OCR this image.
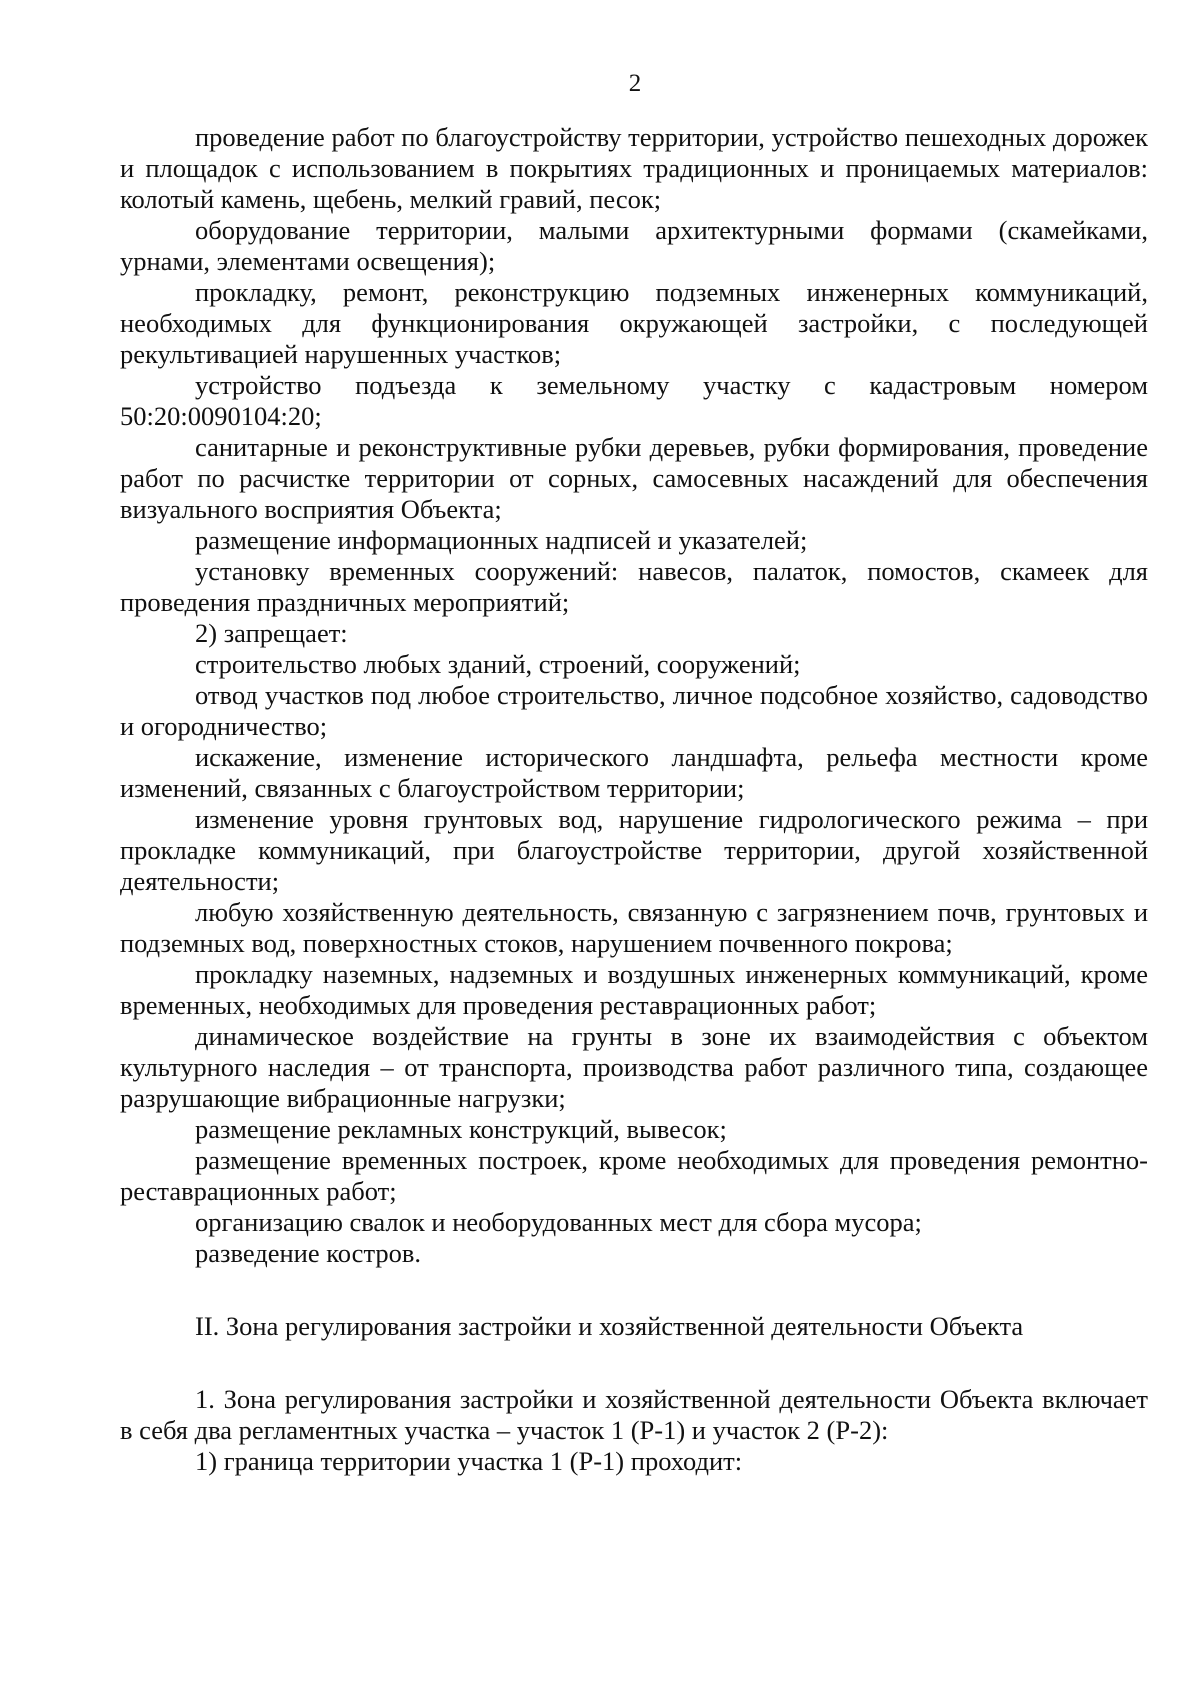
2

проведение работ по благоустройству территории, устройство пешеходных дорожек и площадок с использованием в покрытиях традиционных и проницаемых материалов: колотый камень, щебень, мелкий гравий, песок;

оборудование территории, малыми архитектурными формами (скамейками, урнами, элементами освещения);

прокладку, ремонт, реконструкцию подземных инженерных коммуникаций, необходимых для функционирования окружающей застройки, с последующей рекультивацией нарушенных участков;

устройство подъезда к земельному участку с кадастровым номером 50:20:0090104:20;

санитарные и реконструктивные рубки деревьев, рубки формирования, проведение работ по расчистке территории от сорных, самосевных насаждений для обеспечения визуального восприятия Объекта;

размещение информационных надписей и указателей;

установку временных сооружений: навесов, палаток, помостов, скамеек для проведения праздничных мероприятий;

2) запрещает:

строительство любых зданий, строений, сооружений;

отвод участков под любое строительство, личное подсобное хозяйство, садоводство и огородничество;

искажение, изменение исторического ландшафта, рельефа местности кроме изменений, связанных с благоустройством территории;

изменение уровня грунтовых вод, нарушение гидрологического режима – при прокладке коммуникаций, при благоустройстве территории, другой хозяйственной деятельности;

любую хозяйственную деятельность, связанную с загрязнением почв, грунтовых и подземных вод, поверхностных стоков, нарушением почвенного покрова;

прокладку наземных, надземных и воздушных инженерных коммуникаций, кроме временных, необходимых для проведения реставрационных работ;

динамическое воздействие на грунты в зоне их взаимодействия с объектом культурного наследия – от транспорта, производства работ различного типа, создающее разрушающие вибрационные нагрузки;

размещение рекламных конструкций, вывесок;

размещение временных построек, кроме необходимых для проведения ремонтно-реставрационных работ;

организацию свалок и необорудованных мест для сбора мусора;

разведение костров.

II. Зона регулирования застройки и хозяйственной деятельности Объекта

1. Зона регулирования застройки и хозяйственной деятельности Объекта включает в себя два регламентных участка – участок 1 (Р-1) и участок 2 (Р-2):

1) граница территории участка 1 (Р-1) проходит:
